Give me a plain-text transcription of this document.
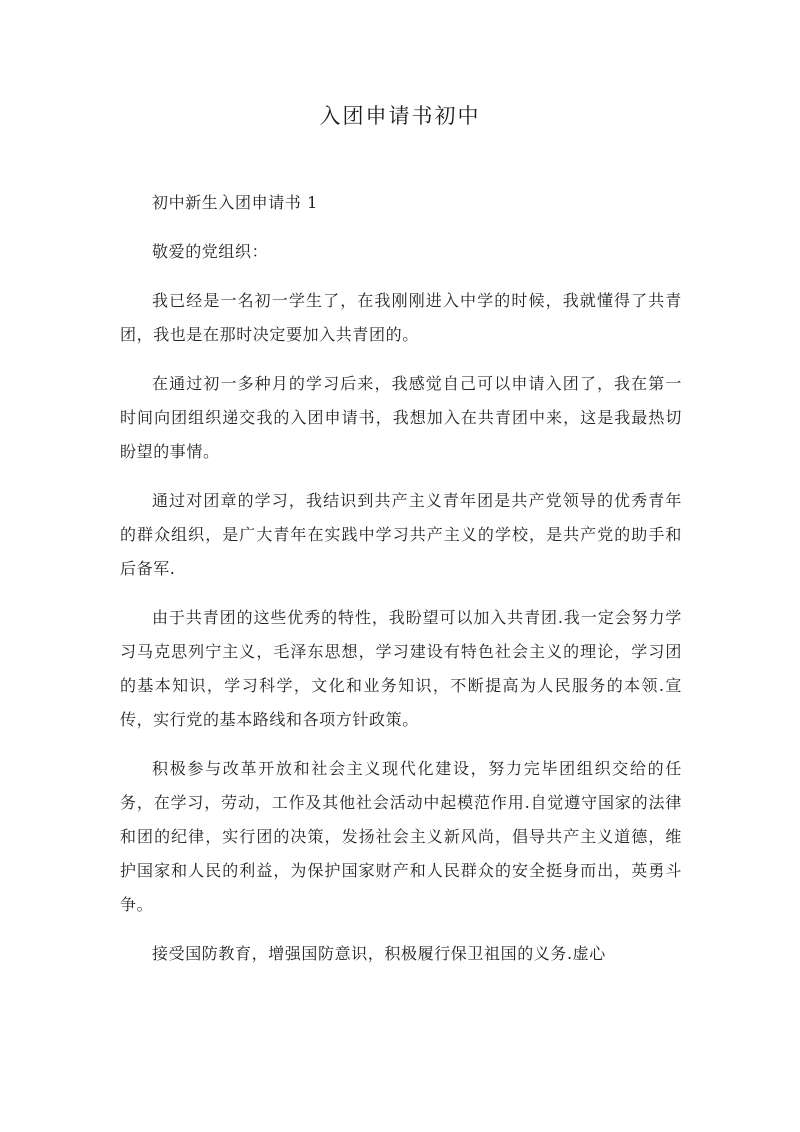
入团申请书初中

初中新生入团申请书 1

敬爱的党组织：

我已经是一名初一学生了，在我刚刚进入中学的时候，我就懂得了共青团，我也是在那时决定要加入共青团的。

在通过初一多种月的学习后来，我感觉自己可以申请入团了，我在第一时间向团组织递交我的入团申请书，我想加入在共青团中来，这是我最热切盼望的事情。

通过对团章的学习，我结识到共产主义青年团是共产党领导的优秀青年的群众组织，是广大青年在实践中学习共产主义的学校，是共产党的助手和后备军.

由于共青团的这些优秀的特性，我盼望可以加入共青团.我一定会努力学习马克思列宁主义，毛泽东思想，学习建设有特色社会主义的理论，学习团的基本知识，学习科学，文化和业务知识，不断提高为人民服务的本领.宣传，实行党的基本路线和各项方针政策。

积极参与改革开放和社会主义现代化建设，努力完毕团组织交给的任务，在学习，劳动，工作及其他社会活动中起模范作用.自觉遵守国家的法律和团的纪律，实行团的决策，发扬社会主义新风尚，倡导共产主义道德，维护国家和人民的利益，为保护国家财产和人民群众的安全挺身而出，英勇斗争。

接受国防教育，增强国防意识，积极履行保卫祖国的义务.虚心
